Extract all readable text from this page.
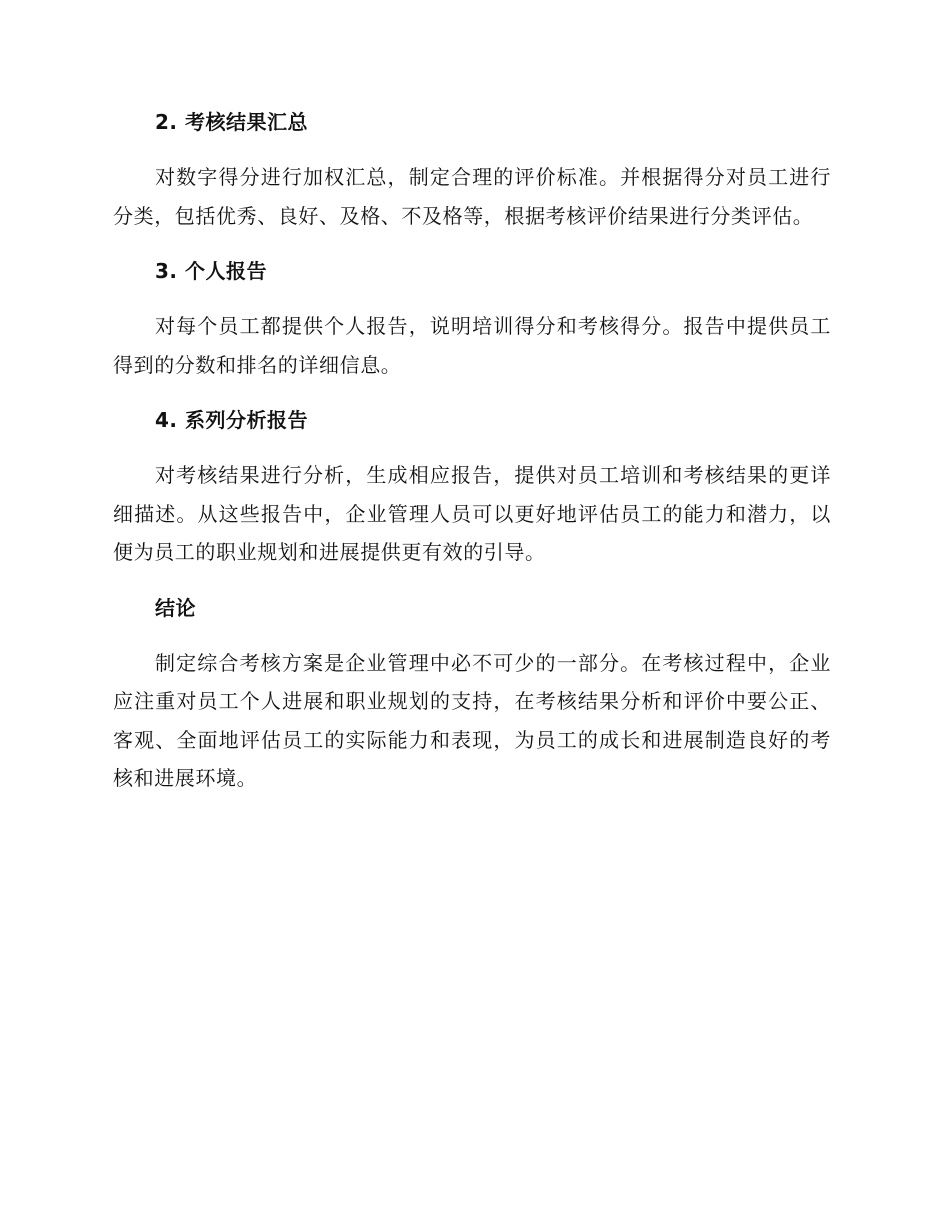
2. 考核结果汇总

对数字得分进行加权汇总，制定合理的评价标准。并根据得分对员工进行分类，包括优秀、良好、及格、不及格等，根据考核评价结果进行分类评估。

3. 个人报告

对每个员工都提供个人报告，说明培训得分和考核得分。报告中提供员工得到的分数和排名的详细信息。

4. 系列分析报告

对考核结果进行分析，生成相应报告，提供对员工培训和考核结果的更详细描述。从这些报告中，企业管理人员可以更好地评估员工的能力和潜力，以便为员工的职业规划和进展提供更有效的引导。

结论

制定综合考核方案是企业管理中必不可少的一部分。在考核过程中，企业应注重对员工个人进展和职业规划的支持，在考核结果分析和评价中要公正、客观、全面地评估员工的实际能力和表现，为员工的成长和进展制造良好的考核和进展环境。
